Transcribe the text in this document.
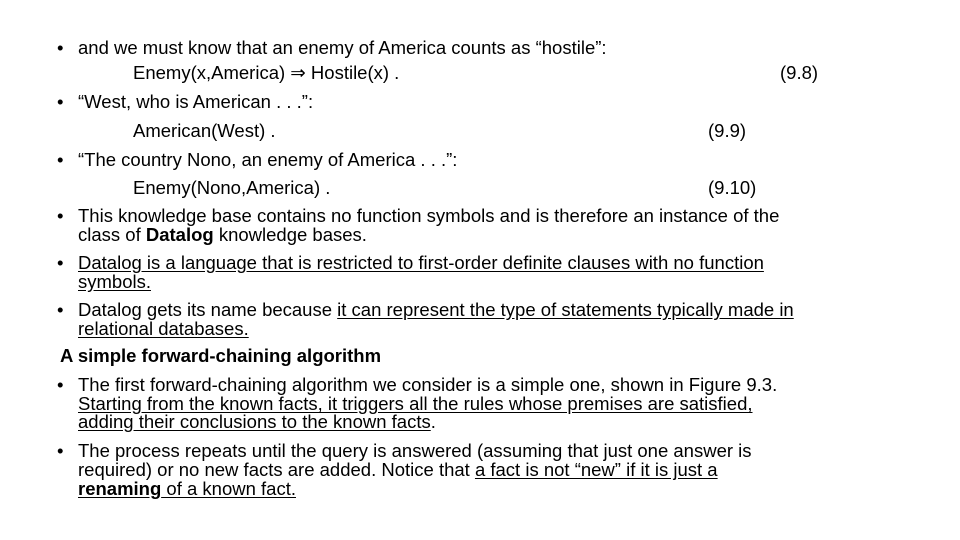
• and we must know that an enemy of America counts as “hostile”:
Enemy(x,America) ⇒ Hostile(x) .	(9.8)
• “West, who is American . . .”:
American(West) .	(9.9)
• “The country Nono, an enemy of America . . .”:
Enemy(Nono,America) .	(9.10)
• This knowledge base contains no function symbols and is therefore an instance of the
class of Datalog knowledge bases.
• Datalog is a language that is restricted to first-order definite clauses with no function
symbols.
• Datalog gets its name because it can represent the type of statements typically made in
relational databases.
A simple forward-chaining algorithm
• The first forward-chaining algorithm we consider is a simple one, shown in Figure 9.3.
Starting from the known facts, it triggers all the rules whose premises are satisfied,
adding their conclusions to the known facts.
• The process repeats until the query is answered (assuming that just one answer is
required) or no new facts are added. Notice that a fact is not “new” if it is just a
renaming of a known fact.
